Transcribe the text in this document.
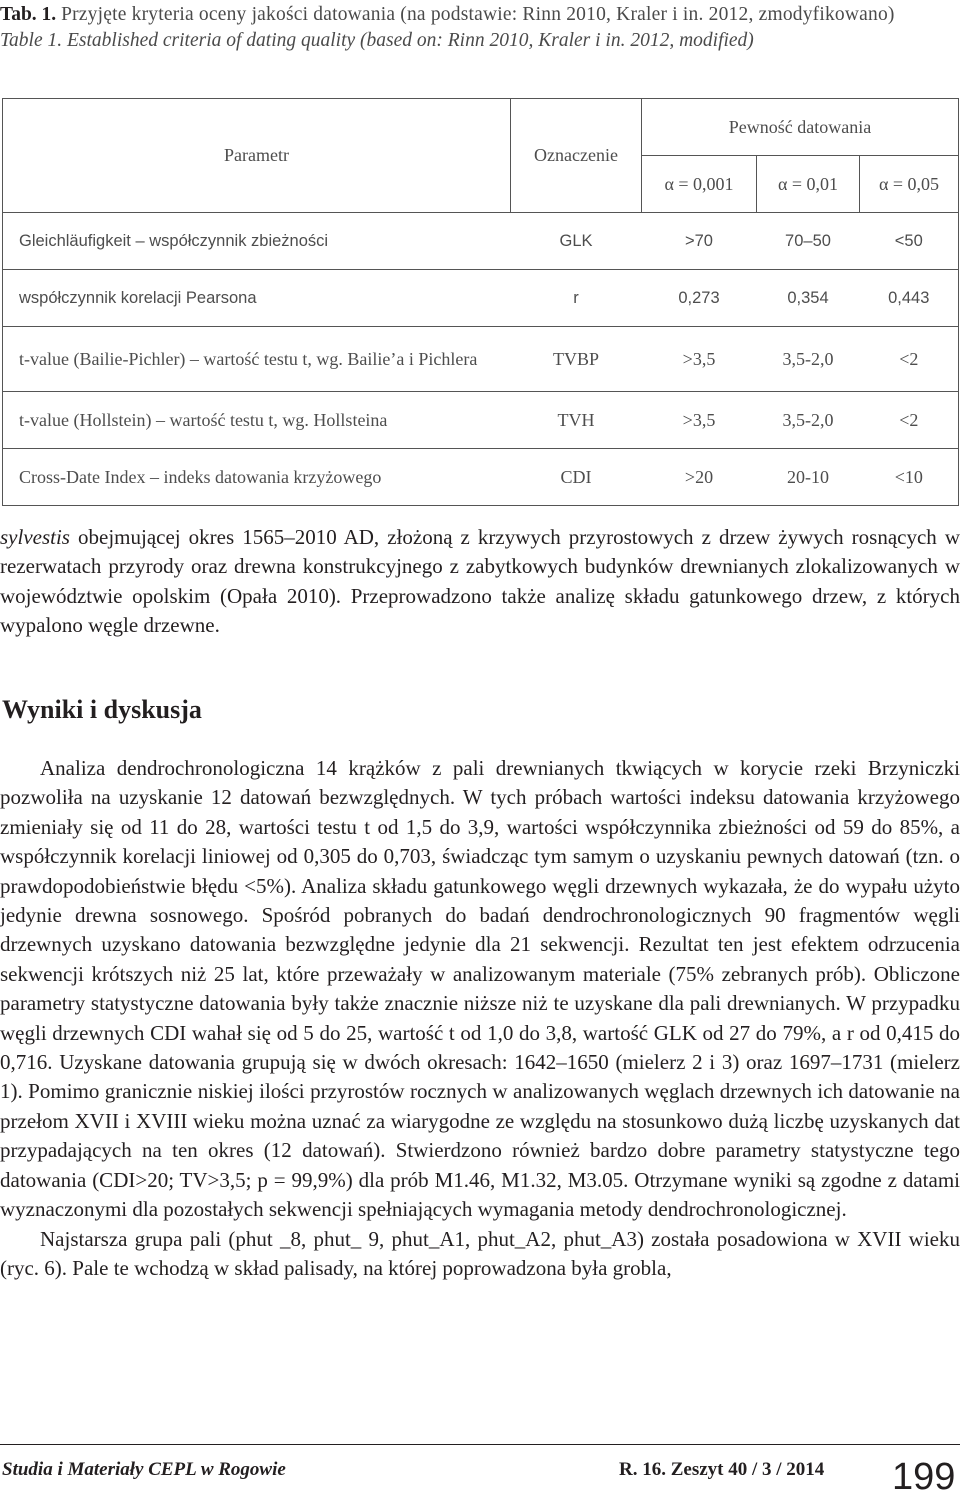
Tab. 1. Przyjęte kryteria oceny jakości datowania (na podstawie: Rinn 2010, Kraler i in. 2012, zmodyfikowano)
Table 1. Established criteria of dating quality (based on: Rinn 2010, Kraler i in. 2012, modified)
Parametr	Oznaczenie	Pewność datowania		
		α = 0,001	α = 0,01	α = 0,05
Gleichläufigkeit – współczynnik zbieżności	GLK	>70	70–50	<50
współczynnik korelacji Pearsona	r	0,273	0,354	0,443
t-value (Bailie-Pichler) – wartość testu t, wg. Bailie’a i Pichlera	TVBP	>3,5	3,5-2,0	<2
t-value (Hollstein) – wartość testu t, wg. Hollsteina	TVH	>3,5	3,5-2,0	<2
Cross-Date Index – indeks datowania krzyżowego	CDI	>20	20-10	<10

sylvestis obejmującej okres 1565–2010 AD, złożoną z krzywych przyrostowych z drzew żywych rosnących w rezerwatach przyrody oraz drewna konstrukcyjnego z zabytkowych budynków drewnianych zlokalizowanych w województwie opolskim (Opała 2010). Przeprowadzono także analizę składu gatunkowego drzew, z których wypalono węgle drzewne.

Wyniki i dyskusja

Analiza dendrochronologiczna 14 krążków z pali drewnianych tkwiących w korycie rzeki Brzyniczki pozwoliła na uzyskanie 12 datowań bezwzględnych. W tych próbach wartości indeksu datowania krzyżowego zmieniały się od 11 do 28, wartości testu t od 1,5 do 3,9, wartości współczynnika zbieżności od 59 do 85%, a współczynnik korelacji liniowej od 0,305 do 0,703, świadcząc tym samym o uzyskaniu pewnych datowań (tzn. o prawdopodobieństwie błędu <5%). Analiza składu gatunkowego węgli drzewnych wykazała, że do wypału użyto jedynie drewna sosnowego. Spośród pobranych do badań dendrochronologicznych 90 fragmentów węgli drzewnych uzyskano datowania bezwzględne jedynie dla 21 sekwencji. Rezultat ten jest efektem odrzucenia sekwencji krótszych niż 25 lat, które przeważały w analizowanym materiale (75% zebranych prób). Obliczone parametry statystyczne datowania były także znacznie niższe niż te uzyskane dla pali drewnianych. W przypadku węgli drzewnych CDI wahał się od 5 do 25, wartość t od 1,0 do 3,8, wartość GLK od 27 do 79%, a r od 0,415 do 0,716. Uzyskane datowania grupują się w dwóch okresach: 1642–1650 (mielerz 2 i 3) oraz 1697–1731 (mielerz 1). Pomimo granicznie niskiej ilości przyrostów rocznych w analizowanych węglach drzewnych ich datowanie na przełom XVII i XVIII wieku można uznać za wiarygodne ze względu na stosunkowo dużą liczbę uzyskanych dat przypadających na ten okres (12 datowań). Stwierdzono również bardzo dobre parametry statystyczne tego datowania (CDI>20; TV>3,5; p = 99,9%) dla prób M1.46, M1.32, M3.05. Otrzymane wyniki są zgodne z datami wyznaczonymi dla pozostałych sekwencji spełniających wymagania metody dendrochronologicznej.

Najstarsza grupa pali (phut _8, phut_ 9, phut_A1, phut_A2, phut_A3) została posadowiona w XVII wieku (ryc. 6). Pale te wchodzą w skład palisady, na której poprowadzona była grobla,

Studia i Materiały CEPL w Rogowie	R. 16. Zeszyt 40 / 3 / 2014 199
